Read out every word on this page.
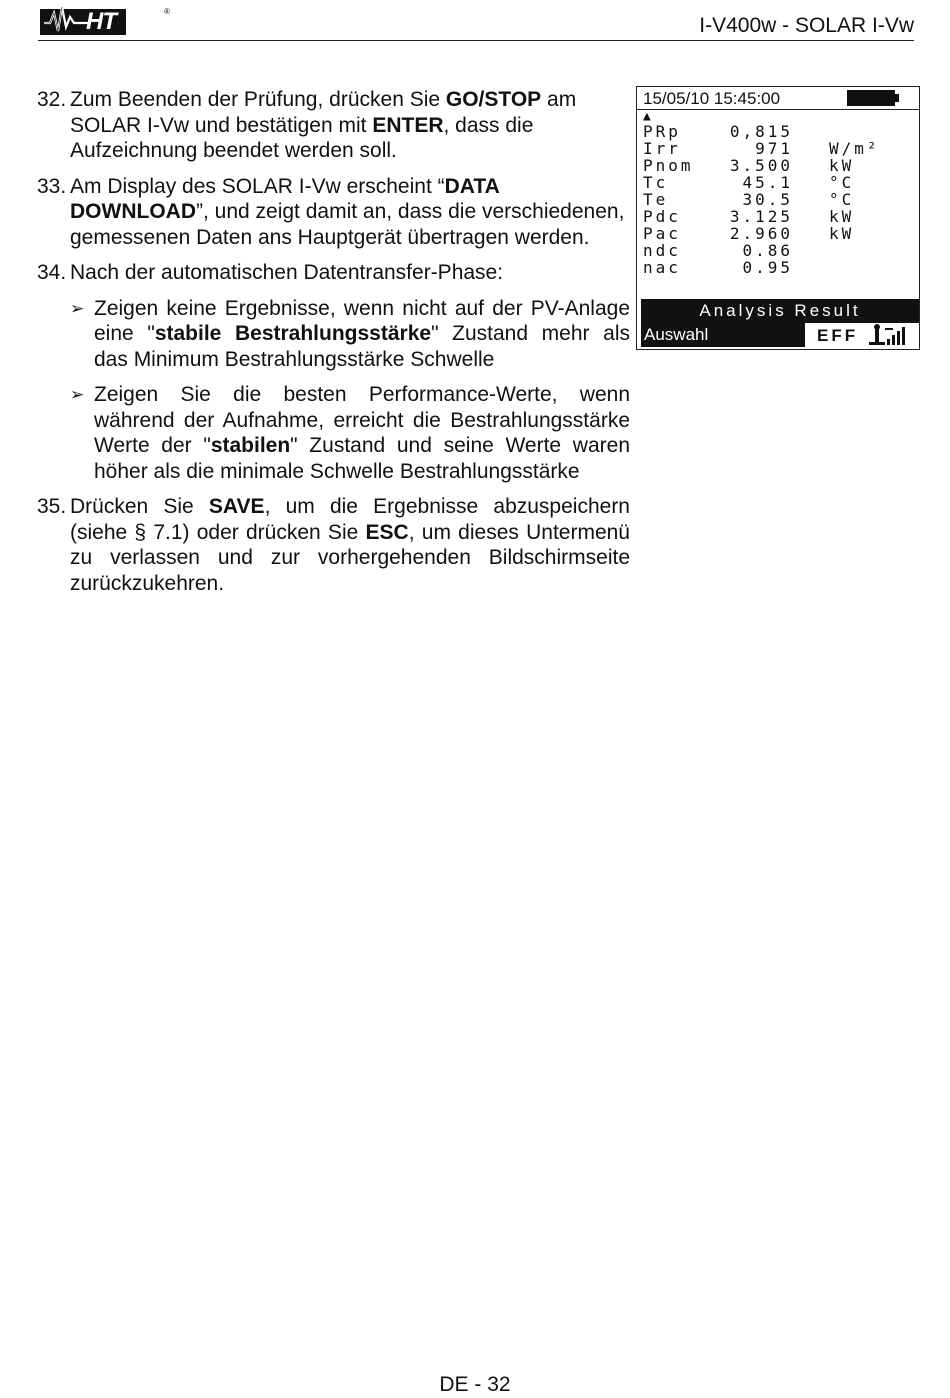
HT	®
I-V400w - SOLAR I-Vw
32. Zum Beenden der Prüfung, drücken Sie GO/STOP am SOLAR I-Vw und bestätigen mit ENTER, dass die Aufzeichnung beendet werden soll.
33. Am Display des SOLAR I-Vw erscheint “DATA DOWNLOAD”, und zeigt damit an, dass die verschiedenen, gemessenen Daten ans Hauptgerät übertragen werden.
34. Nach der automatischen Datentransfer-Phase:
➢ Zeigen keine Ergebnisse, wenn nicht auf der PV-Anlage eine "stabile Bestrahlungsstärke" Zustand mehr als das Minimum Bestrahlungsstärke Schwelle
➢ Zeigen Sie die besten Performance-Werte, wenn während der Aufnahme, erreicht die Bestrahlungsstärke Werte der "stabilen" Zustand und seine Werte waren höher als die minimale Schwelle Bestrahlungsstärke
35. Drücken Sie SAVE, um die Ergebnisse abzuspeichern (siehe § 7.1) oder drücken Sie ESC, um dieses Untermenü zu verlassen und zur vorhergehenden Bildschirmseite zurückzukehren.
15/05/10 15:45:00
▲
PRp	0,815
Irr	971 W/m²
Pnom 3.500 kW
Tc	45.1 °C
Te	30.5 °C
Pdc	3.125 kW
Pac	2.960 kW
ndc	0.86
nac	0.95
Analysis Result
Auswahl	EFF
DE - 32
